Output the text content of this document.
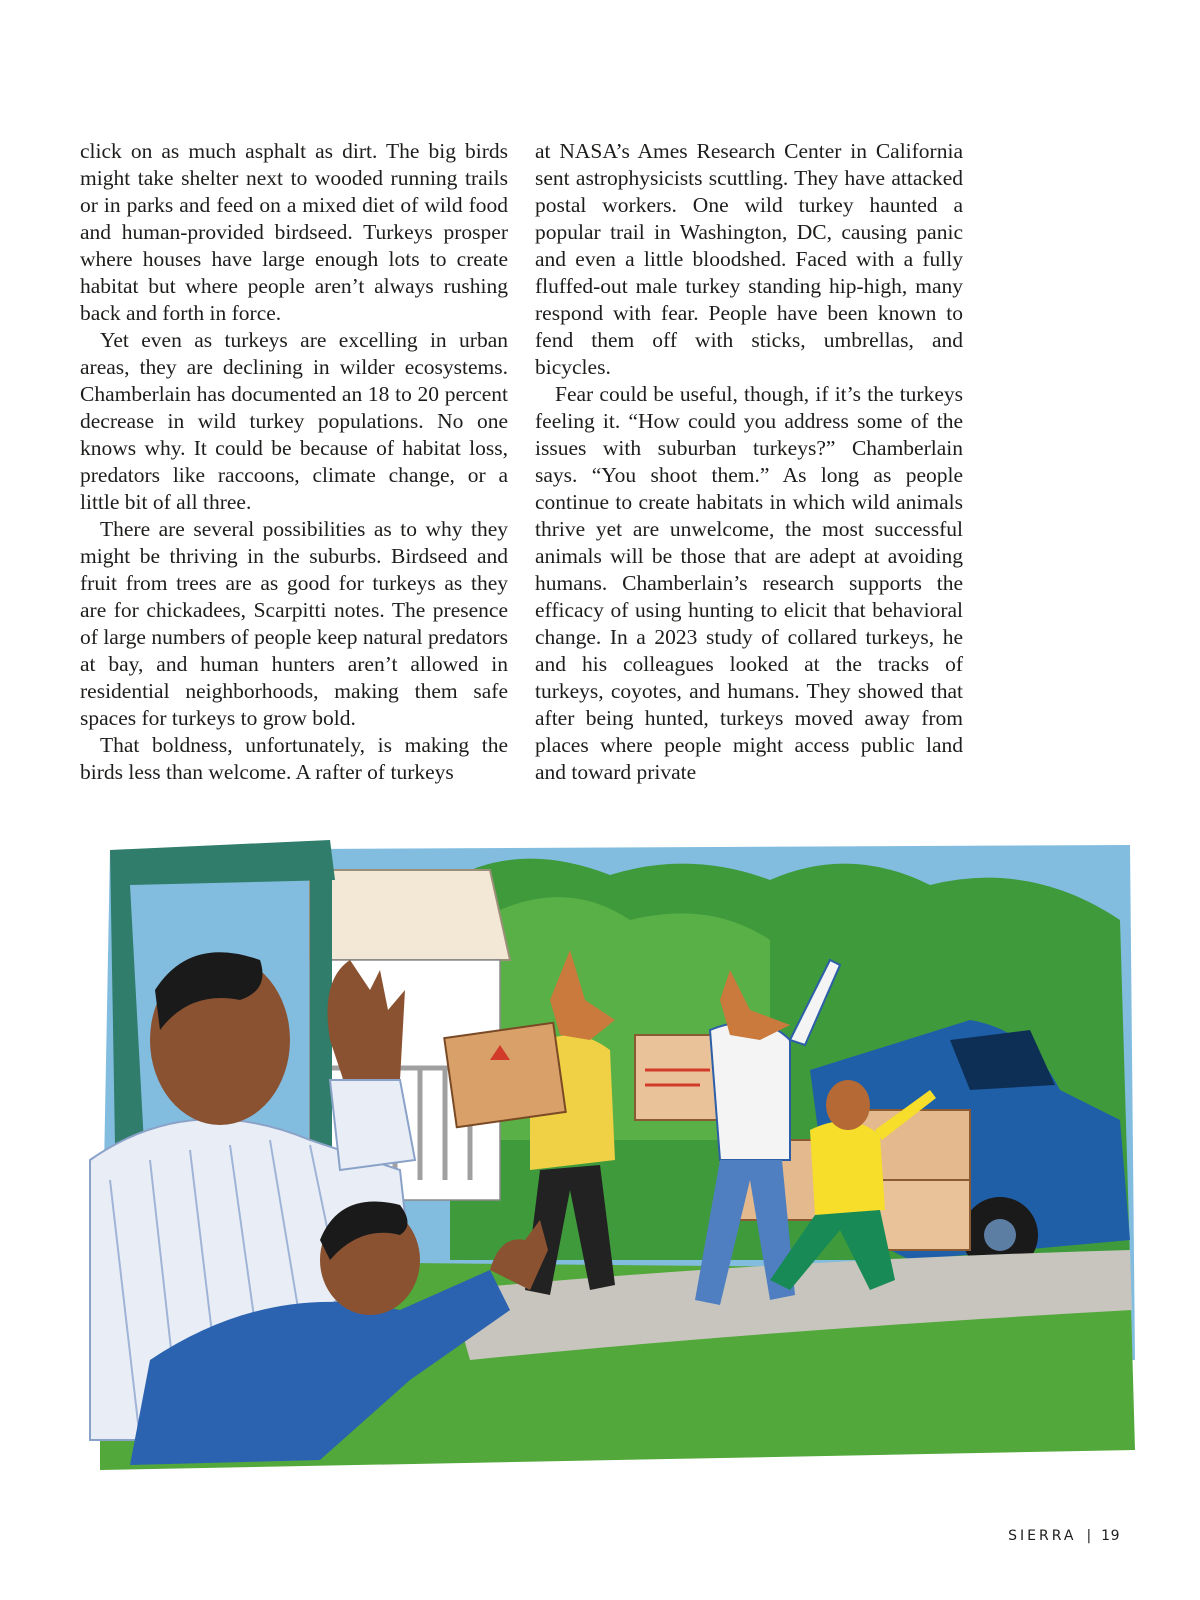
click on as much asphalt as dirt. The big birds might take shelter next to wooded running trails or in parks and feed on a mixed diet of wild food and human-provided birdseed. Turkeys prosper where houses have large enough lots to create habitat but where people aren’t always rushing back and forth in force.

Yet even as turkeys are excelling in urban areas, they are declining in wilder ecosystems. Chamberlain has documented an 18 to 20 percent decrease in wild turkey populations. No one knows why. It could be because of habitat loss, predators like raccoons, climate change, or a little bit of all three.

There are several possibilities as to why they might be thriving in the suburbs. Birdseed and fruit from trees are as good for turkeys as they are for chickadees, Scarpitti notes. The presence of large numbers of people keep natural predators at bay, and human hunters aren’t allowed in residential neighborhoods, making them safe spaces for turkeys to grow bold.

That boldness, unfortunately, is making the birds less than welcome. A rafter of turkeys

at NASA’s Ames Research Center in California sent astrophysicists scuttling. They have attacked postal workers. One wild turkey haunted a popular trail in Washington, DC, causing panic and even a little bloodshed. Faced with a fully fluffed-out male turkey standing hip-high, many respond with fear. People have been known to fend them off with sticks, umbrellas, and bicycles.

Fear could be useful, though, if it’s the turkeys feeling it. “How could you address some of the issues with suburban turkeys?” Chamberlain says. “You shoot them.” As long as people continue to create habitats in which wild animals thrive yet are unwelcome, the most successful animals will be those that are adept at avoiding humans. Chamberlain’s research supports the efficacy of using hunting to elicit that behavioral change. In a 2023 study of collared turkeys, he and his colleagues looked at the tracks of turkeys, coyotes, and humans. They showed that after being hunted, turkeys moved away from places where people might access public land and toward private

SIERRA | 19
